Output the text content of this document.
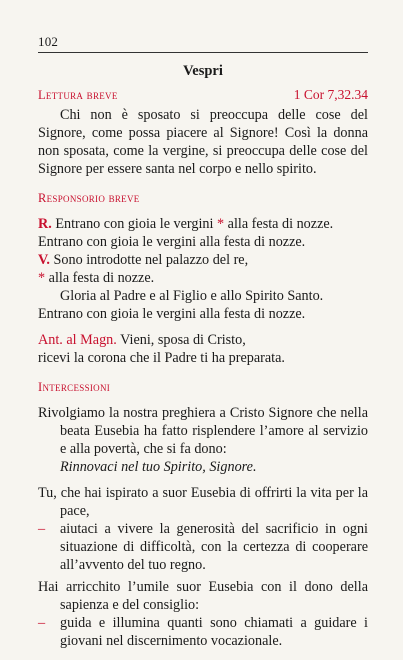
102
Vespri
Lettura breve	1 Cor 7,32.34

Chi non è sposato si preoccupa delle cose del Signore, come possa piacere al Signore! Così la donna non sposata, come la vergine, si preoccupa delle cose del Signore per essere santa nel corpo e nello spirito.

Responsorio breve

R. Entrano con gioia le vergini * alla festa di nozze.

Entrano con gioia le vergini alla festa di nozze.

V. Sono introdotte nel palazzo del re,

* alla festa di nozze.

Gloria al Padre e al Figlio e allo Spirito Santo.

Entrano con gioia le vergini alla festa di nozze.

Ant. al Magn. Vieni, sposa di Cristo,

ricevi la corona che il Padre ti ha preparata.

Intercessioni

Rivolgiamo la nostra preghiera a Cristo Signore che nella beata Eusebia ha fatto risplendere l’amore al servizio e alla povertà, che si fa dono:
Rinnovaci nel tuo Spirito, Signore.

Tu, che hai ispirato a suor Eusebia di offrirti la vita per la pace,

–	aiutaci a vivere la generosità del sacrificio in ogni situazione di difficoltà, con la certezza di cooperare all’avvento del tuo regno.

Hai arricchito l’umile suor Eusebia con il dono della sapienza e del consiglio:

–	guida e illumina quanti sono chiamati a guidare i giovani nel discernimento vocazionale.
